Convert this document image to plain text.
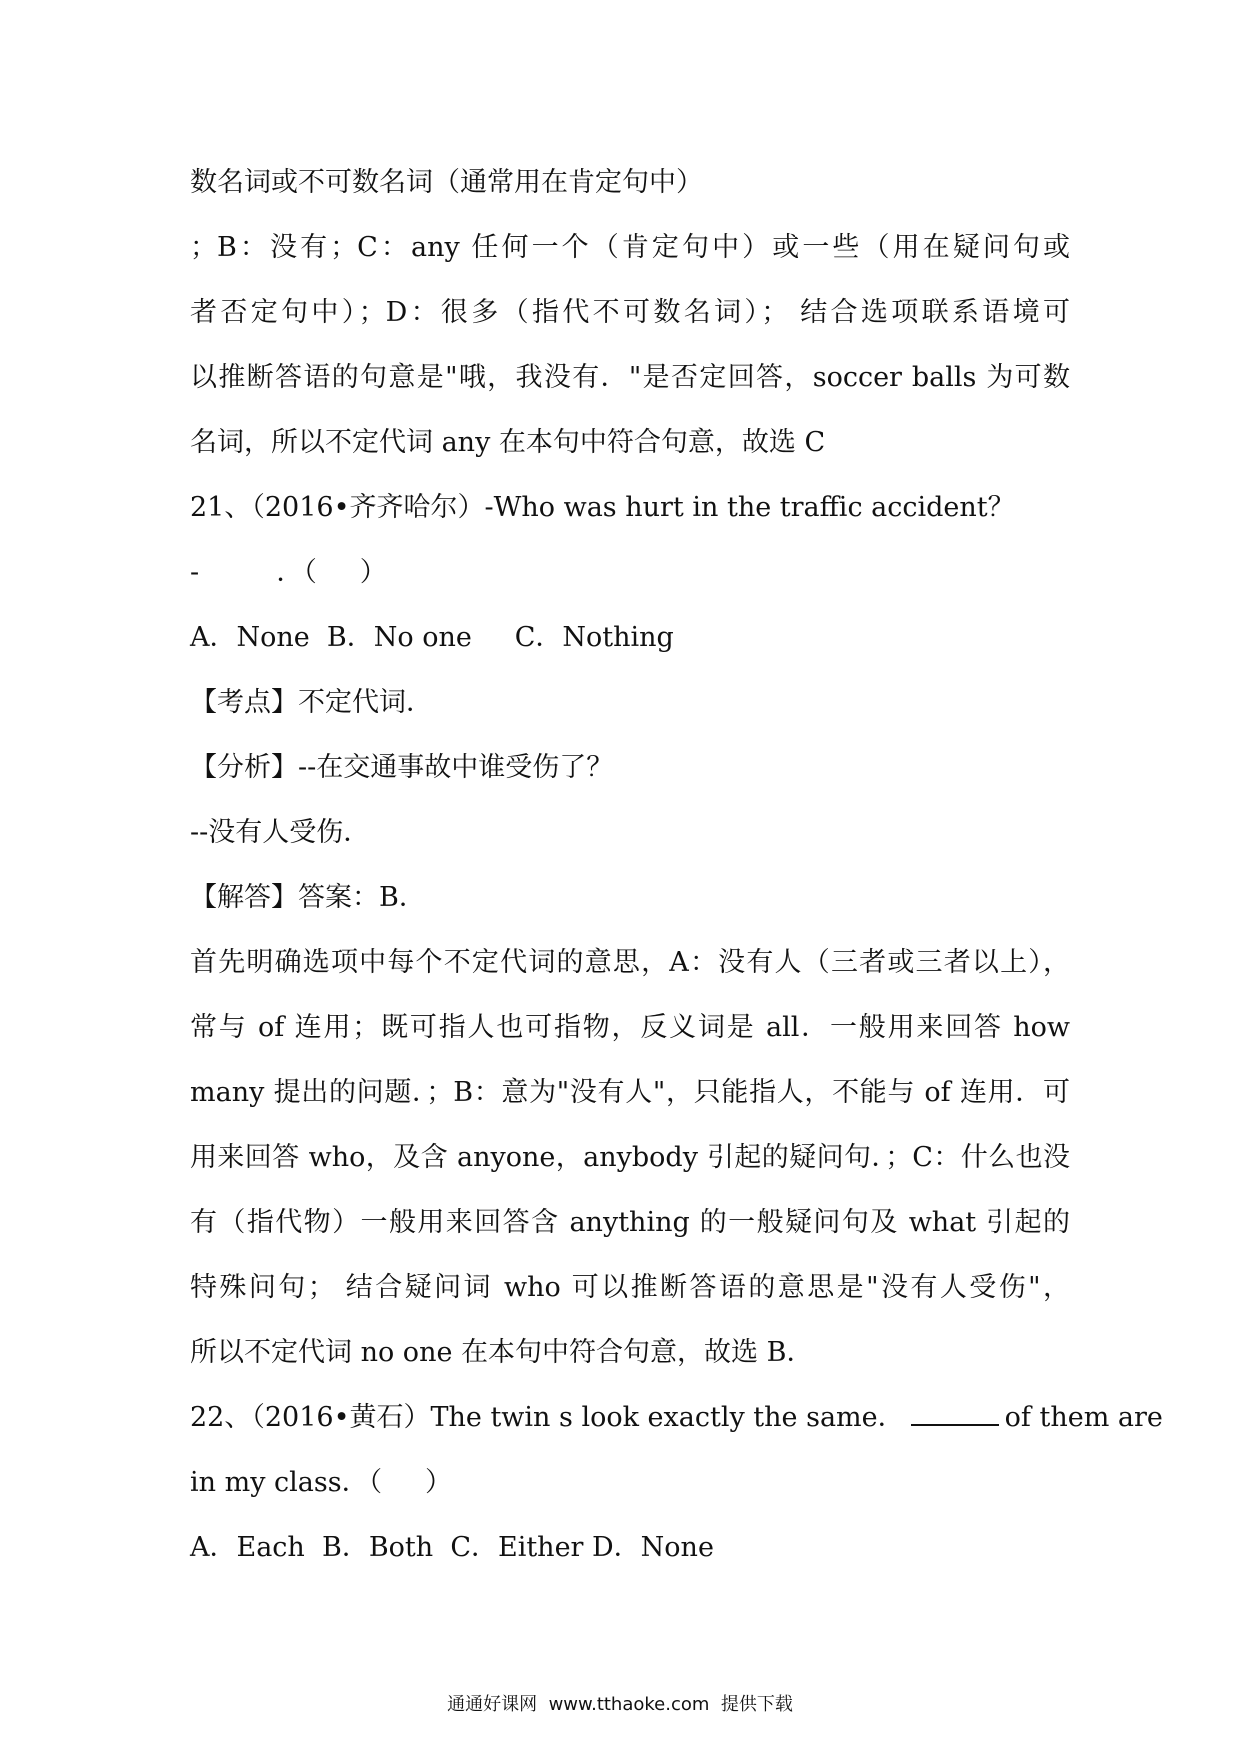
数名词或不可数名词（通常用在肯定句中）
；B：没有；C：any 任何一个（肯定句中）或一些（用在疑问句或
者否定句中）；D：很多（指代不可数名词）； 结合选项联系语境可
以推断答语的句意是"哦，我没有．"是否定回答，soccer balls 为可数
名词，所以不定代词 any 在本句中符合句意，故选 C
21、（2016•齐齐哈尔）-Who was hurt in the traffic accident？
-         ．（     ）
A．None  B．No one     C．Nothing
【考点】不定代词．
【分析】--在交通事故中谁受伤了？
--没有人受伤．
【解答】答案：B．
首先明确选项中每个不定代词的意思，A：没有人（三者或三者以上），
常与 of 连用；既可指人也可指物，反义词是 all．一般用来回答 how
many 提出的问题．；B：意为"没有人"，只能指人，不能与 of 连用．可
用来回答 who，及含 anyone，anybody 引起的疑问句．；C：什么也没
有（指代物）一般用来回答含 anything 的一般疑问句及 what 引起的
特殊问句； 结合疑问词 who 可以推断答语的意思是"没有人受伤"，
所以不定代词 no one 在本句中符合句意，故选 B．
22、（2016•黄石）The twin s look exactly the same．	of them are
in my class．（     ）
A．Each  B．Both  C．Either D．None
通通好课网  www.tthaoke.com  提供下载
